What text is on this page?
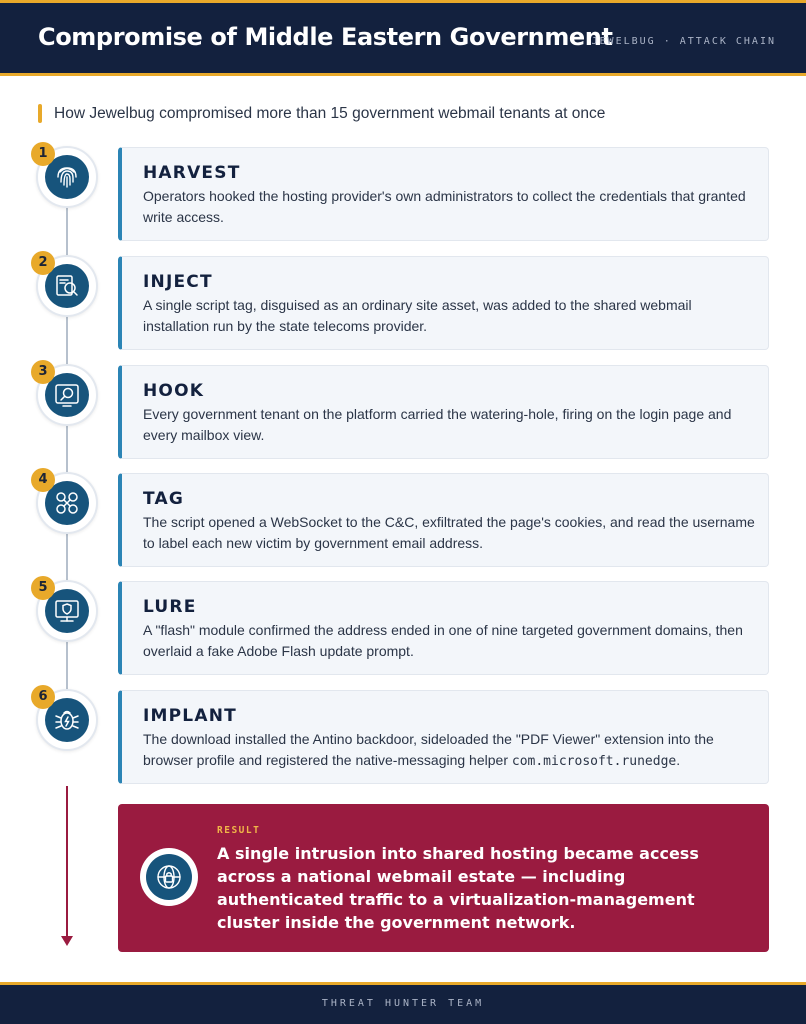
Compromise of Middle Eastern Government
JEWELBUG · ATTACK CHAIN
How Jewelbug compromised more than 15 government webmail tenants at once
1
HARVEST
Operators hooked the hosting provider's own administrators to collect the credentials that granted write access.
2
INJECT
A single script tag, disguised as an ordinary site asset, was added to the shared webmail installation run by the state telecoms provider.
3
HOOK
Every government tenant on the platform carried the watering-hole, firing on the login page and every mailbox view.
4
TAG
The script opened a WebSocket to the C&C, exfiltrated the page's cookies, and read the username to label each new victim by government email address.
5
LURE
A "flash" module confirmed the address ended in one of nine targeted government domains, then overlaid a fake Adobe Flash update prompt.
6
IMPLANT
The download installed the Antino backdoor, sideloaded the "PDF Viewer" extension into the browser profile and registered the native-messaging helper com.microsoft.runedge.
RESULT
A single intrusion into shared hosting became access across a national webmail estate — including authenticated traffic to a virtualization-management cluster inside the government network.
THREAT HUNTER TEAM
